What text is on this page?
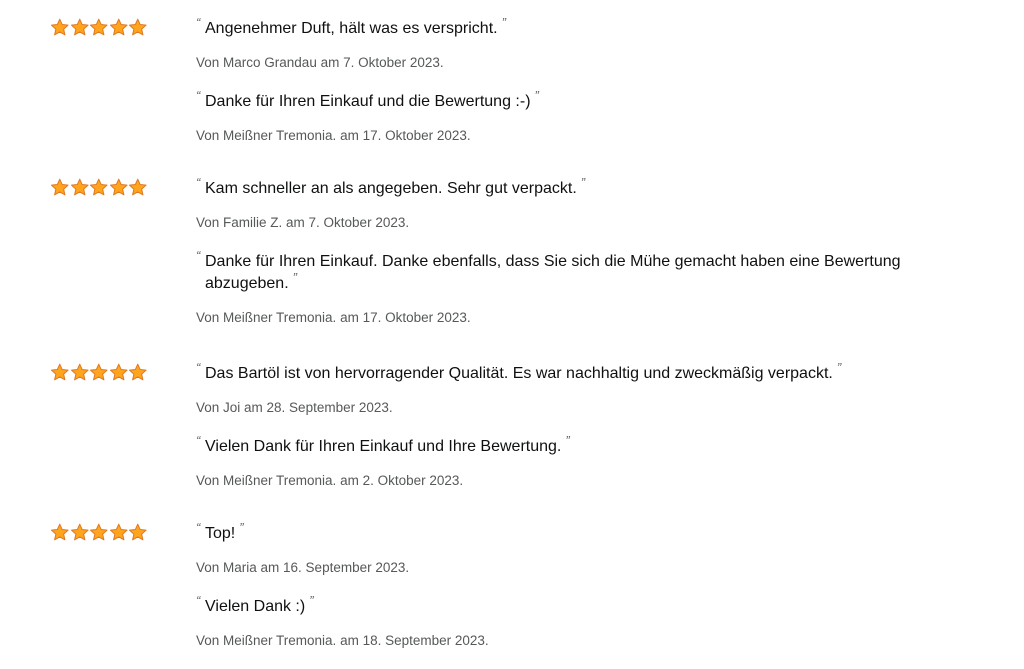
“ Angenehmer Duft, hält was es verspricht. ”

Von Marco Grandau am 7. Oktober 2023.

“ Danke für Ihren Einkauf und die Bewertung :-) ”

Von Meißner Tremonia. am 17. Oktober 2023.

“ Kam schneller an als angegeben. Sehr gut verpackt. ”

Von Familie Z. am 7. Oktober 2023.

“ Danke für Ihren Einkauf. Danke ebenfalls, dass Sie sich die Mühe gemacht haben eine Bewertung abzugeben. ”

Von Meißner Tremonia. am 17. Oktober 2023.

“ Das Bartöl ist von hervorragender Qualität. Es war nachhaltig und zweckmäßig verpackt. ”

Von Joi am 28. September 2023.

“ Vielen Dank für Ihren Einkauf und Ihre Bewertung. ”

Von Meißner Tremonia. am 2. Oktober 2023.

“ Top! ”

Von Maria am 16. September 2023.

“ Vielen Dank :) ”

Von Meißner Tremonia. am 18. September 2023.
